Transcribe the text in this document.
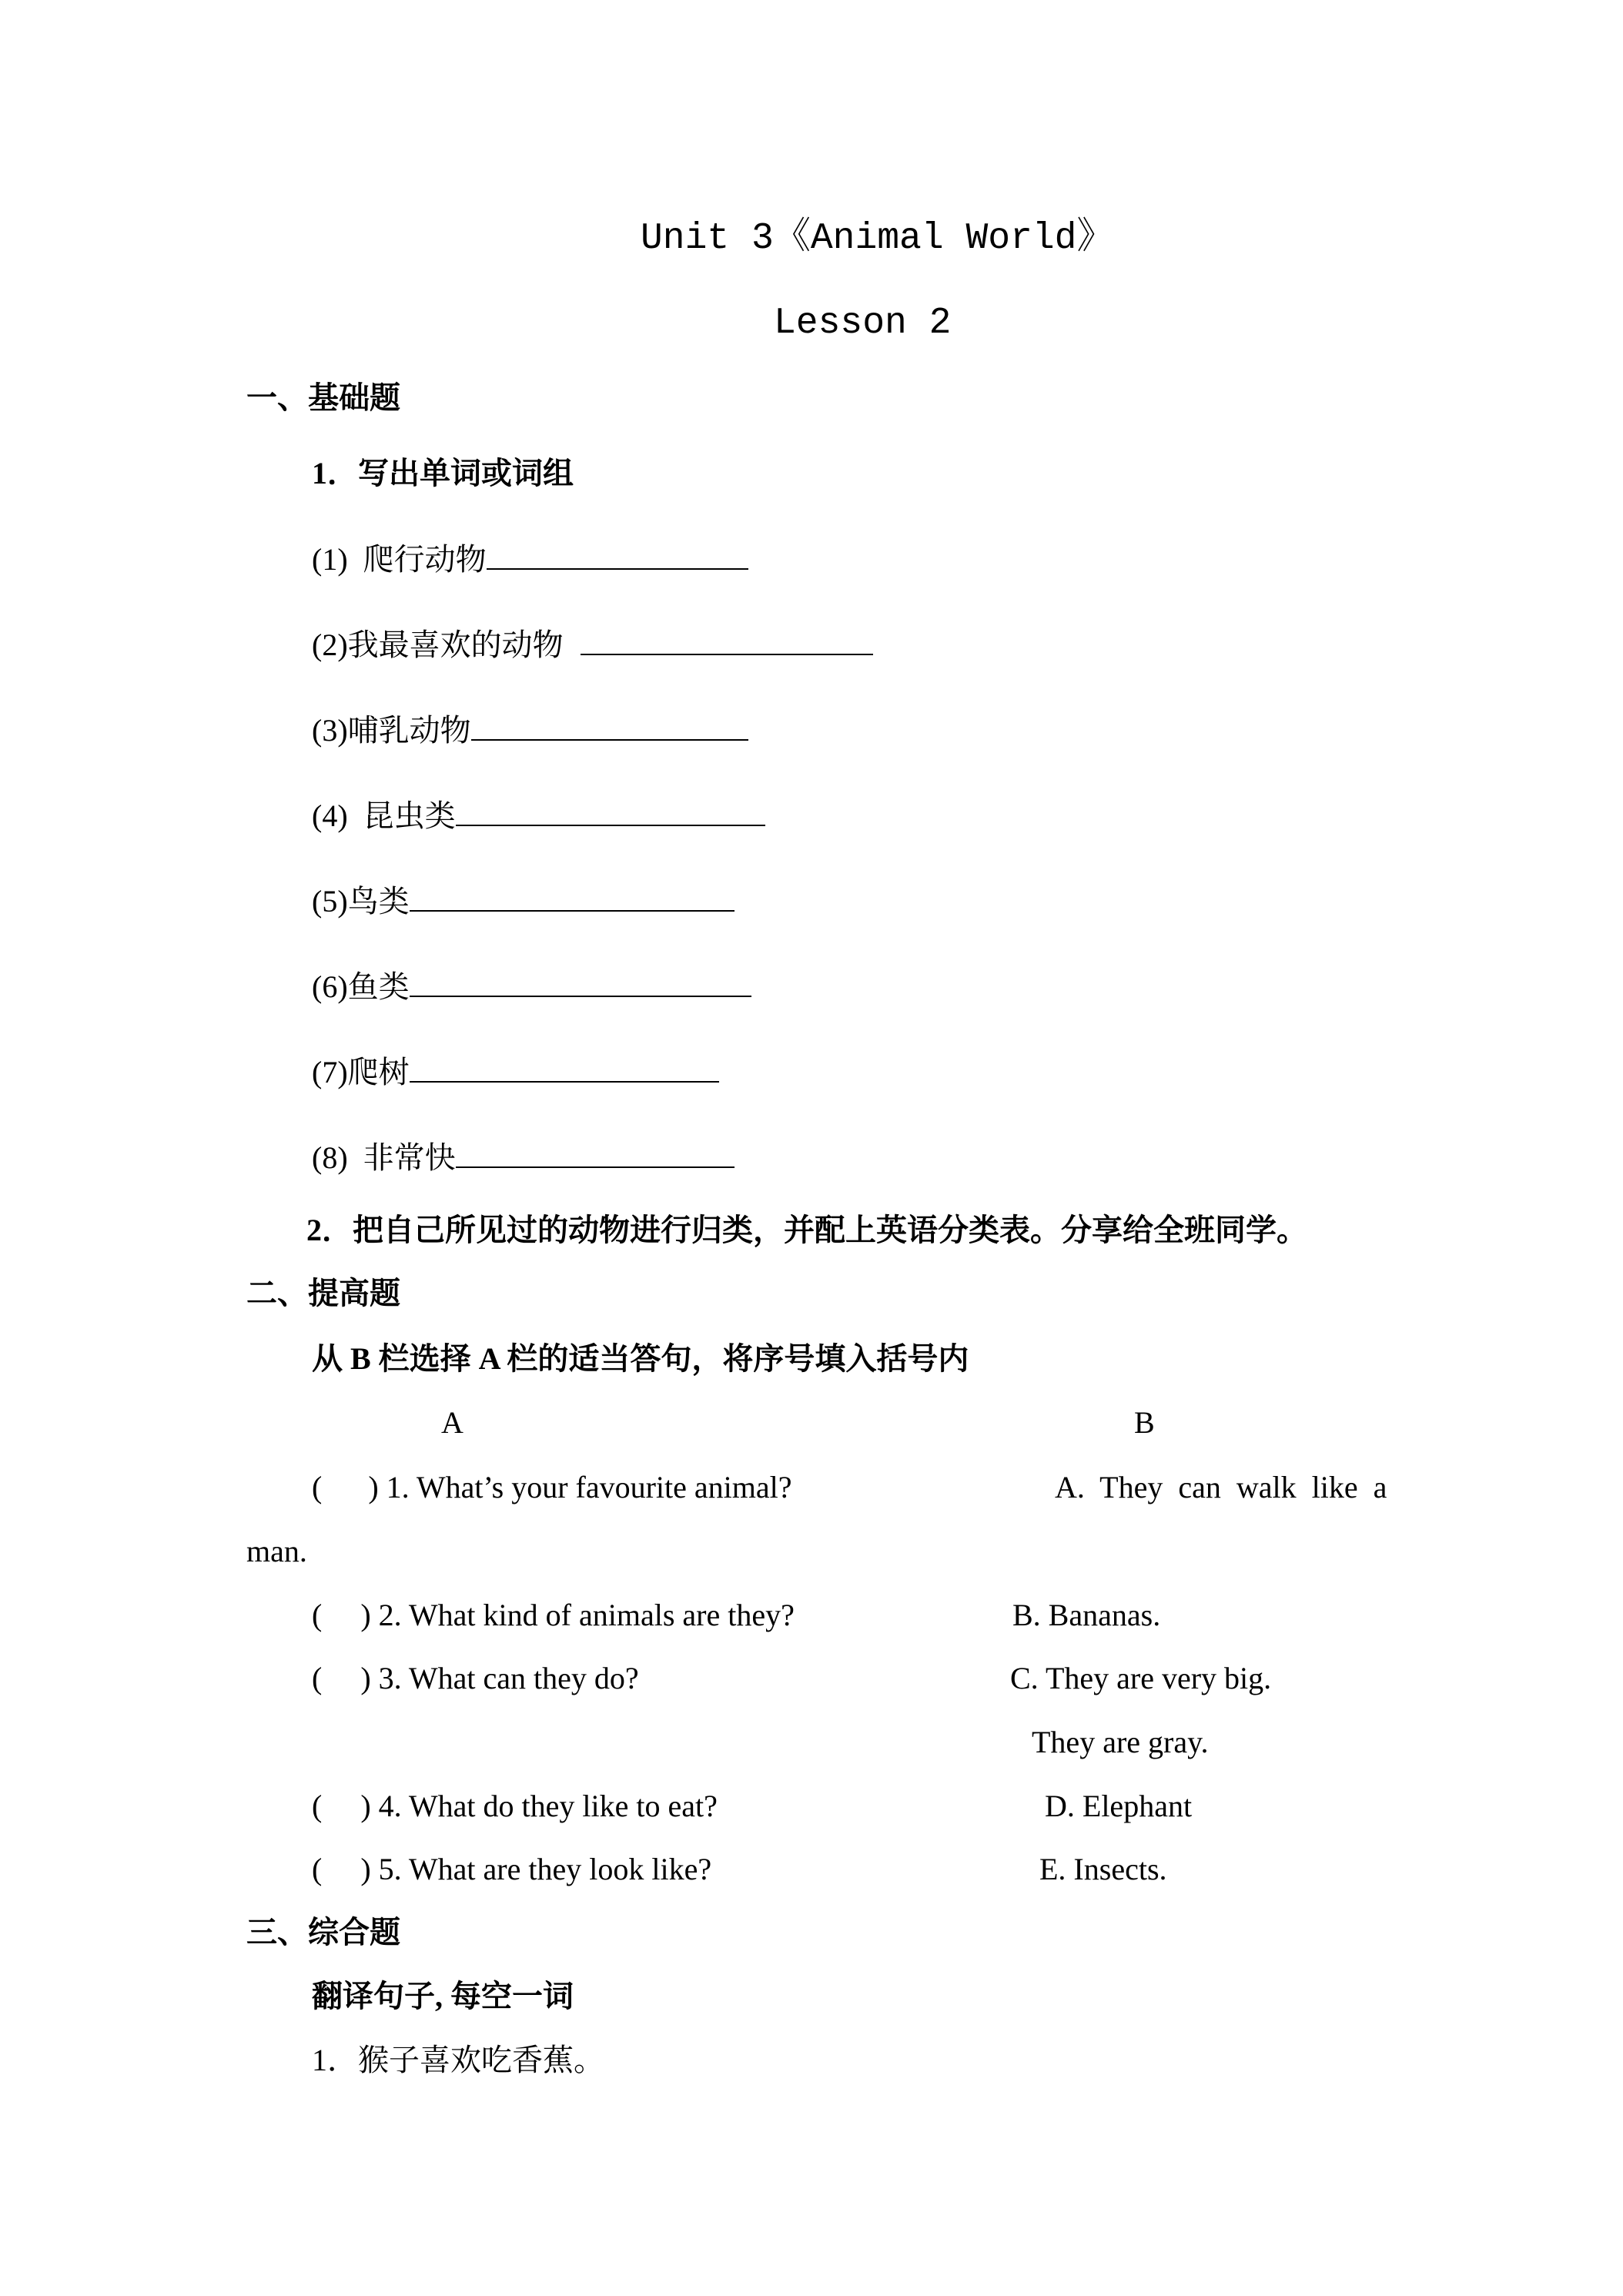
Unit 3《Animal World》
Lesson 2
一、基础题
1．写出单词或词组
(1) 爬行动物
(2)我最喜欢的动物
(3)哺乳动物
(4) 昆虫类
(5)鸟类
(6)鱼类
(7)爬树
(8) 非常快
2．把自己所见过的动物进行归类，并配上英语分类表。分享给全班同学。
二、提高题
从 B 栏选择 A 栏的适当答句，将序号填入括号内
A	B
(      ) 1. What’s your favourite animal?	A. They can walk like a
man.
(     ) 2. What kind of animals are they?	B. Bananas.
(     ) 3. What can they do?	C. They are very big.
They are gray.
(     ) 4. What do they like to eat?	D. Elephant
(     ) 5. What are they look like?	E. Insects.
三、综合题
翻译句子, 每空一词
1．猴子喜欢吃香蕉。
